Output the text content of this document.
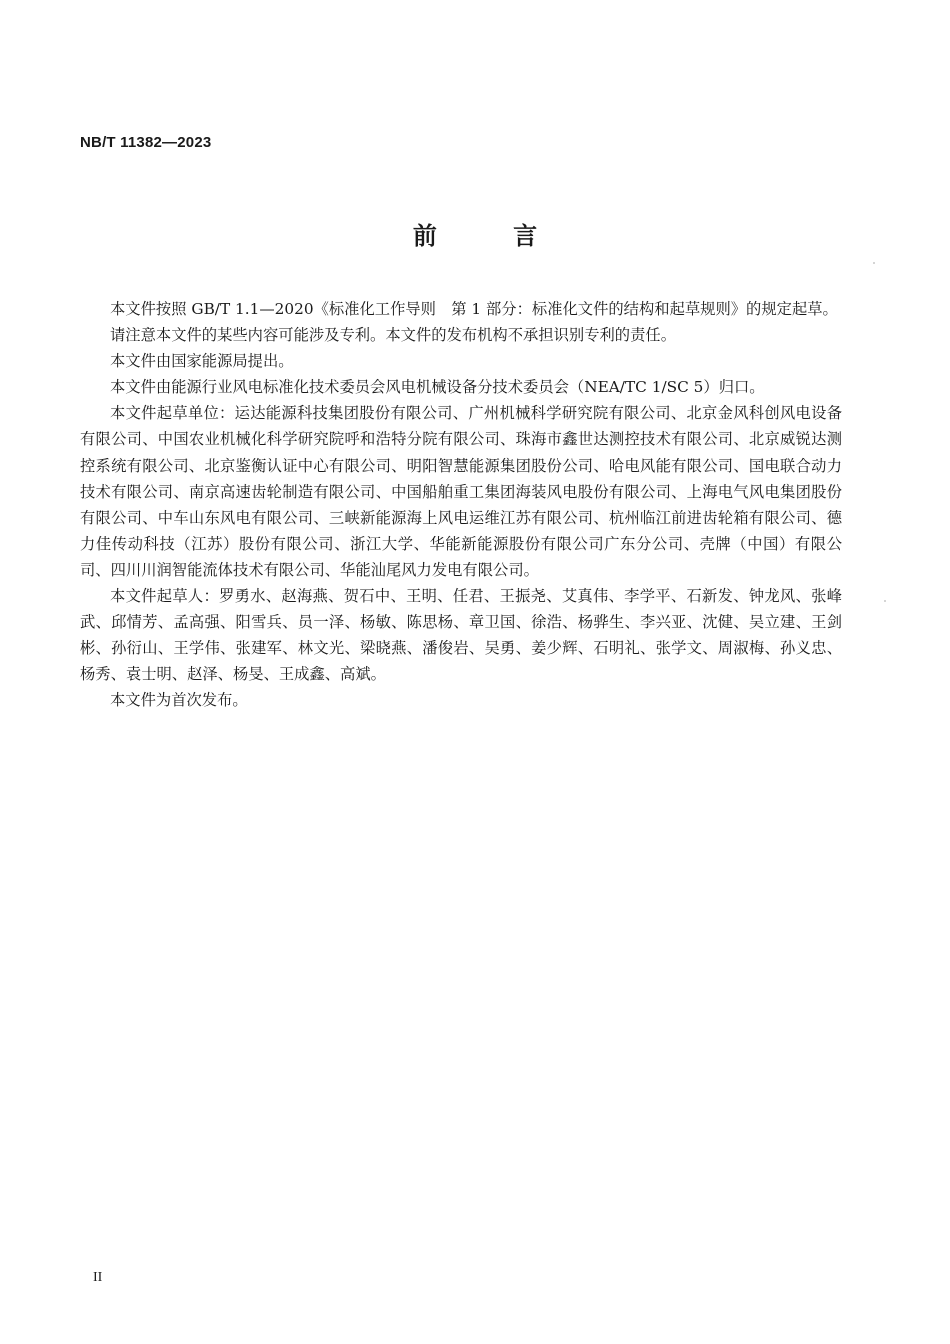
NB/T 11382—2023
前 言

本文件按照 GB/T 1.1—2020《标准化工作导则　第 1 部分：标准化文件的结构和起草规则》的规定起草。

请注意本文件的某些内容可能涉及专利。本文件的发布机构不承担识别专利的责任。

本文件由国家能源局提出。

本文件由能源行业风电标准化技术委员会风电机械设备分技术委员会（NEA/TC 1/SC 5）归口。

本文件起草单位：运达能源科技集团股份有限公司、广州机械科学研究院有限公司、北京金风科创风电设备有限公司、中国农业机械化科学研究院呼和浩特分院有限公司、珠海市鑫世达测控技术有限公司、北京威锐达测控系统有限公司、北京鉴衡认证中心有限公司、明阳智慧能源集团股份公司、哈电风能有限公司、国电联合动力技术有限公司、南京高速齿轮制造有限公司、中国船舶重工集团海装风电股份有限公司、上海电气风电集团股份有限公司、中车山东风电有限公司、三峡新能源海上风电运维江苏有限公司、杭州临江前进齿轮箱有限公司、德力佳传动科技（江苏）股份有限公司、浙江大学、华能新能源股份有限公司广东分公司、壳牌（中国）有限公司、四川川润智能流体技术有限公司、华能汕尾风力发电有限公司。

本文件起草人：罗勇水、赵海燕、贺石中、王明、任君、王振尧、艾真伟、李学平、石新发、钟龙风、张峰武、邱情芳、孟高强、阳雪兵、员一泽、杨敏、陈思杨、章卫国、徐浩、杨骅生、李兴亚、沈健、吴立建、王剑彬、孙衍山、王学伟、张建军、林文光、梁晓燕、潘俊岩、吴勇、姜少辉、石明礼、张学文、周淑梅、孙义忠、杨秀、袁士明、赵泽、杨旻、王成鑫、高斌。

本文件为首次发布。

II
